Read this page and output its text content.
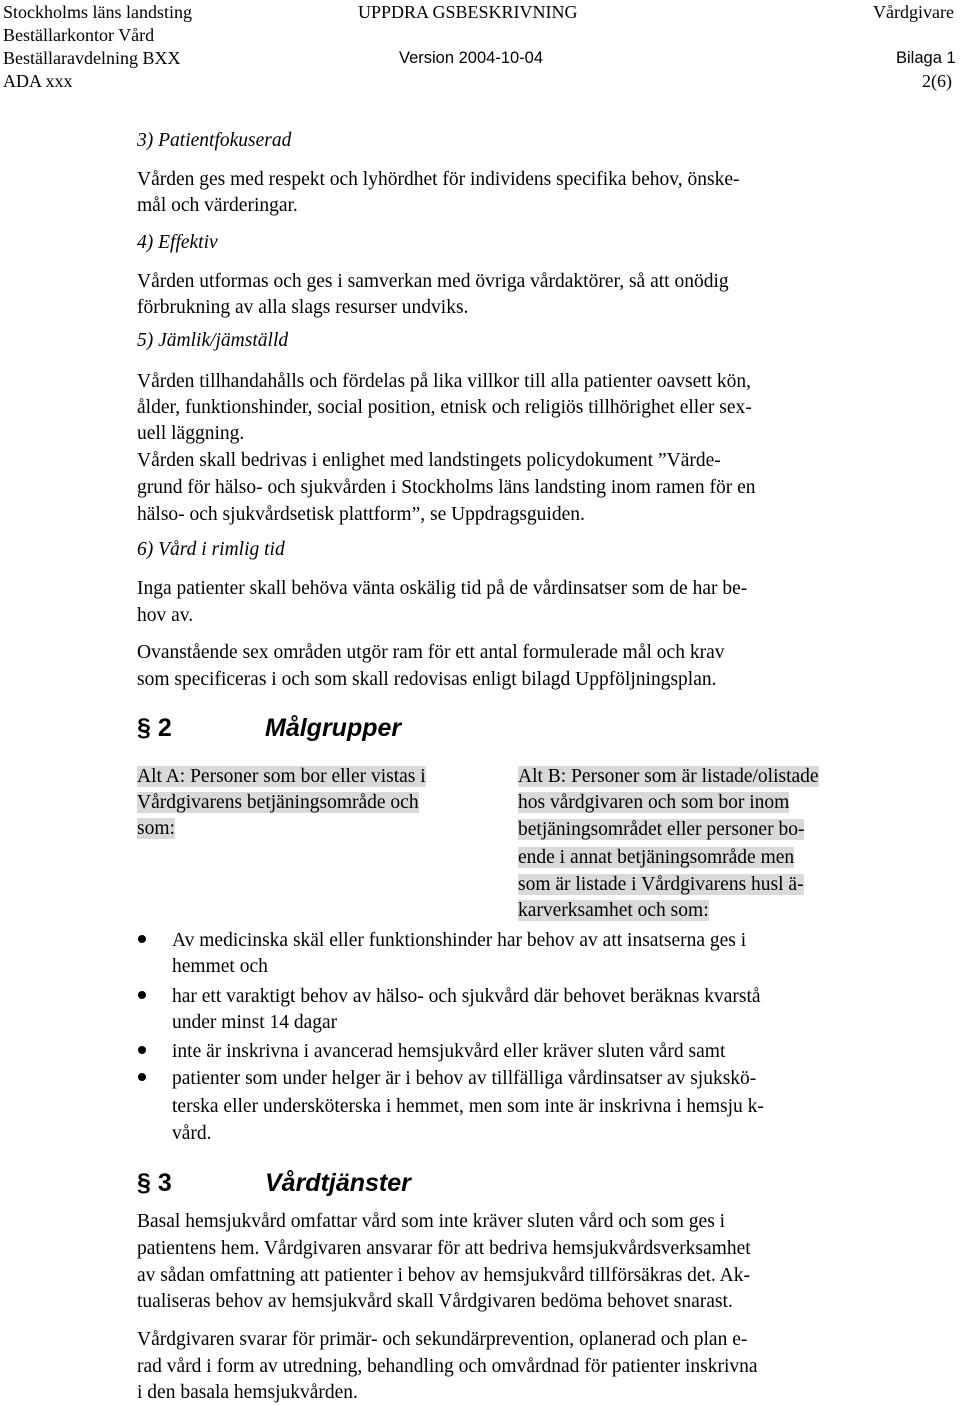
Stockholms läns landsting
Beställarkontor Vård
Beställaravdelning BXX
ADA xxx
UPPDRA GSBESKRIVNING
Version 2004-10-04
Vårdgivare
Bilaga 1
2(6)
3) Patientfokuserad
Vården ges med respekt och lyhördhet för individens specifika behov, önske-
mål och värderingar.
4) Effektiv
Vården utformas och ges i samverkan med övriga vårdaktörer, så att onödig
förbrukning av alla slags resurser undviks.
5) Jämlik/jämställd
Vården tillhandahålls och fördelas på lika villkor till alla patienter oavsett kön,
ålder, funktionshinder, social position, etnisk och religiös tillhörighet eller sex-
uell läggning.
Vården skall bedrivas i enlighet med landstingets policydokument ”Värde-
grund för hälso- och sjukvården i Stockholms läns landsting inom ramen för en
hälso- och sjukvårdsetisk plattform”, se Uppdragsguiden.
6) Vård i rimlig tid
Inga patienter skall behöva vänta oskälig tid på de vårdinsatser som de har be-
hov av.
Ovanstående sex områden utgör ram för ett antal formulerade mål och krav
som specificeras i och som skall redovisas enligt bilagd Uppföljningsplan.
§ 2	Målgrupper
Alt A: Personer som bor eller vistas i
Vårdgivarens betjäningsområde och
som:
Alt B: Personer som är listade/olistade
hos vårdgivaren och som bor inom
betjäningsområdet eller personer bo-
ende i annat betjäningsområde men
som är listade i Vårdgivarens husl ä-
karverksamhet och som:
Av medicinska skäl eller funktionshinder har behov av att insatserna ges i
hemmet och
har ett varaktigt behov av hälso- och sjukvård där behovet beräknas kvarstå
under minst 14 dagar
inte är inskrivna i avancerad hemsjukvård eller kräver sluten vård samt
patienter som under helger är i behov av tillfälliga vårdinsatser av sjukskö-
terska eller undersköterska i hemmet, men som inte är inskrivna i hemsju k-
vård.
§ 3	Vårdtjänster
Basal hemsjukvård omfattar vård som inte kräver sluten vård och som ges i
patientens hem. Vårdgivaren ansvarar för att bedriva hemsjukvårdsverksamhet
av sådan omfattning att patienter i behov av hemsjukvård tillförsäkras det. Ak-
tualiseras behov av hemsjukvård skall Vårdgivaren bedöma behovet snarast.
Vårdgivaren svarar för primär- och sekundärprevention, oplanerad och plan e-
rad vård i form av utredning, behandling och omvårdnad för patienter inskrivna
i den basala hemsjukvården.
